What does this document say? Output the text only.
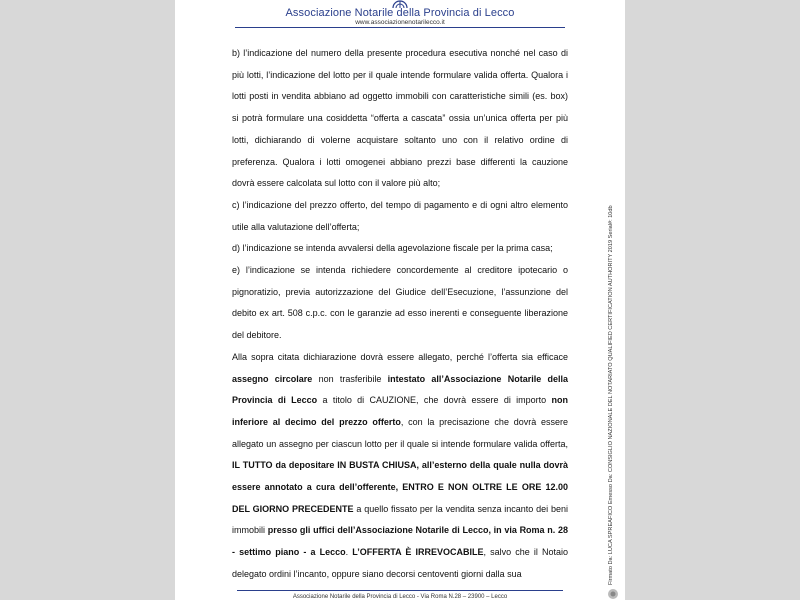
Associazione Notarile della Provincia di Lecco
www.associazionenotarilecco.it

b) l’indicazione del numero della presente procedura esecutiva nonché nel caso di più lotti, l’indicazione del lotto per il quale intende formulare valida offerta. Qualora i lotti posti in vendita abbiano ad oggetto immobili con caratteristiche simili (es. box) si potrà formulare una cosiddetta “offerta a cascata” ossia un’unica offerta per più lotti, dichiarando di volerne acquistare soltanto uno con il relativo ordine di preferenza. Qualora i lotti omogenei abbiano prezzi base differenti la cauzione dovrà essere calcolata sul lotto con il valore più alto;

c) l’indicazione del prezzo offerto, del tempo di pagamento e di ogni altro elemento utile alla valutazione dell’offerta;

d) l’indicazione se intenda avvalersi della agevolazione fiscale per la prima casa;

e) l’indicazione se intenda richiedere concordemente al creditore ipotecario o pignoratizio, previa autorizzazione del Giudice dell’Esecuzione, l’assunzione del debito ex art. 508 c.p.c. con le garanzie ad esso inerenti e conseguente liberazione del debitore.

Alla sopra citata dichiarazione dovrà essere allegato, perché l’offerta sia efficace assegno circolare non trasferibile intestato all’Associazione Notarile della Provincia di Lecco a titolo di CAUZIONE, che dovrà essere di importo non inferiore al decimo del prezzo offerto, con la precisazione che dovrà essere allegato un assegno per ciascun lotto per il quale si intende formulare valida offerta, IL TUTTO da depositare IN BUSTA CHIUSA, all’esterno della quale nulla dovrà essere annotato a cura dell’offerente, ENTRO E NON OLTRE LE ORE 12.00 DEL GIORNO PRECEDENTE a quello fissato per la vendita senza incanto dei beni immobili presso gli uffici dell’Associazione Notarile di Lecco, in via Roma n. 28 - settimo piano - a Lecco. L’OFFERTA È IRREVOCABILE, salvo che il Notaio delegato ordini l’incanto, oppure siano decorsi centoventi giorni dalla sua

Associazione Notarile della Provincia di Lecco - Via Roma N.28 – 23900 – Lecco
Firmato Da: LUCA SPREAFICO Emesso Da: CONSIGLIO NAZIONALE DEL NOTARIATO QUALIFIED CERTIFICATION AUTHORITY 2019 Serial#: 10db
